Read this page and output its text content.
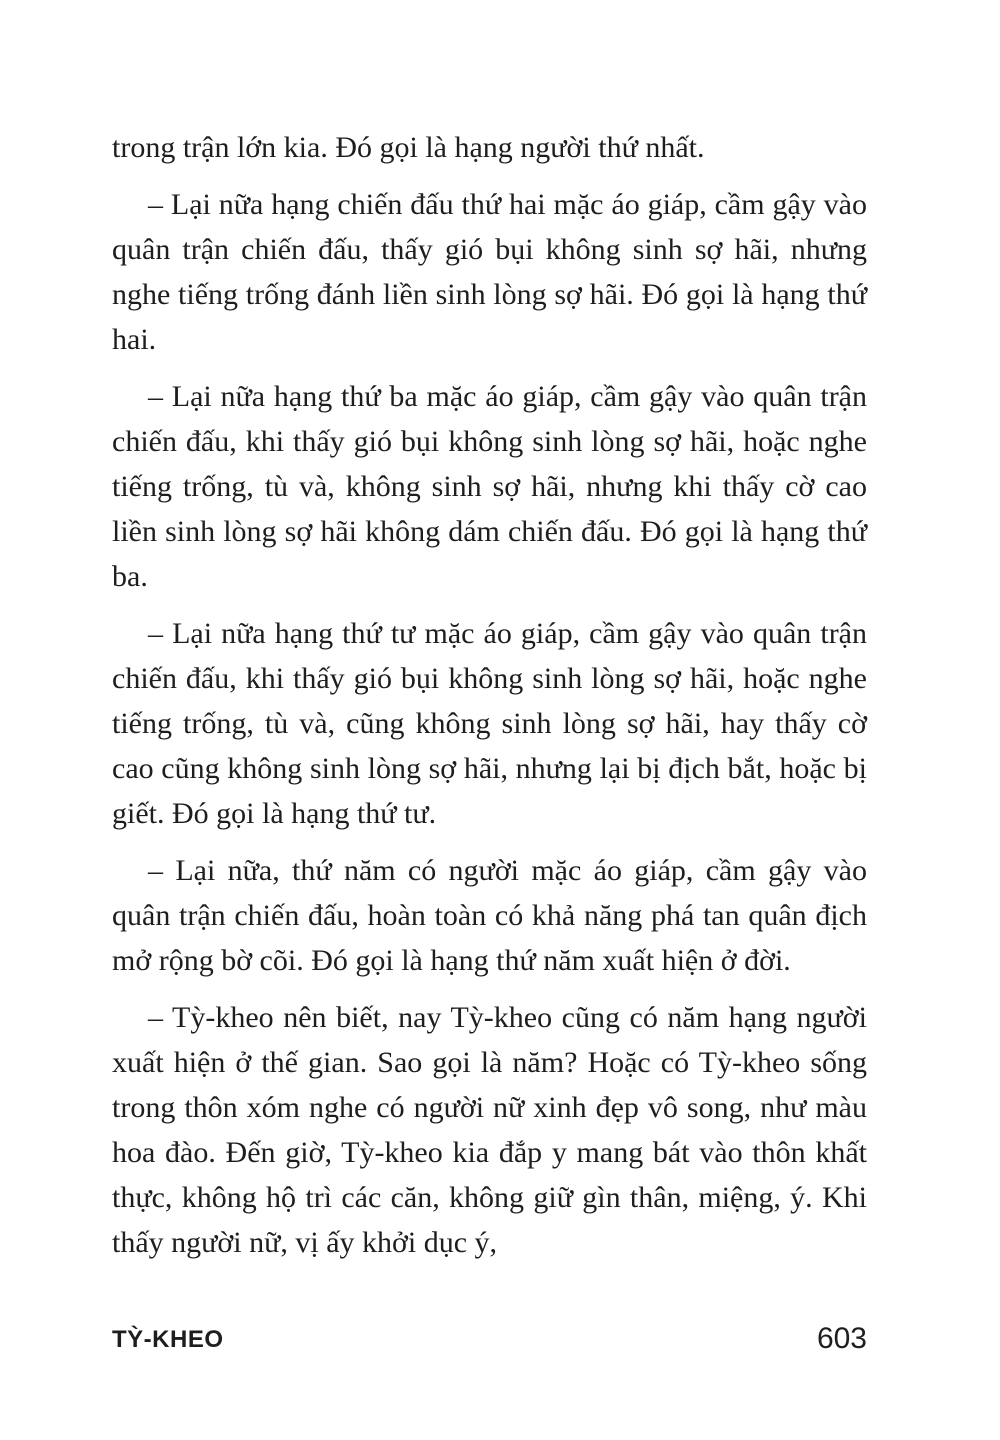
trong trận lớn kia. Đó gọi là hạng người thứ nhất.

– Lại nữa hạng chiến đấu thứ hai mặc áo giáp, cầm gậy vào quân trận chiến đấu, thấy gió bụi không sinh sợ hãi, nhưng nghe tiếng trống đánh liền sinh lòng sợ hãi. Đó gọi là hạng thứ hai.

– Lại nữa hạng thứ ba mặc áo giáp, cầm gậy vào quân trận chiến đấu, khi thấy gió bụi không sinh lòng sợ hãi, hoặc nghe tiếng trống, tù và, không sinh sợ hãi, nhưng khi thấy cờ cao liền sinh lòng sợ hãi không dám chiến đấu. Đó gọi là hạng thứ ba.

– Lại nữa hạng thứ tư mặc áo giáp, cầm gậy vào quân trận chiến đấu, khi thấy gió bụi không sinh lòng sợ hãi, hoặc nghe tiếng trống, tù và, cũng không sinh lòng sợ hãi, hay thấy cờ cao cũng không sinh lòng sợ hãi, nhưng lại bị địch bắt, hoặc bị giết. Đó gọi là hạng thứ tư.

– Lại nữa, thứ năm có người mặc áo giáp, cầm gậy vào quân trận chiến đấu, hoàn toàn có khả năng phá tan quân địch mở rộng bờ cõi. Đó gọi là hạng thứ năm xuất hiện ở đời.

– Tỳ-kheo nên biết, nay Tỳ-kheo cũng có năm hạng người xuất hiện ở thế gian. Sao gọi là năm? Hoặc có Tỳ-kheo sống trong thôn xóm nghe có người nữ xinh đẹp vô song, như màu hoa đào. Đến giờ, Tỳ-kheo kia đắp y mang bát vào thôn khất thực, không hộ trì các căn, không giữ gìn thân, miệng, ý. Khi thấy người nữ, vị ấy khởi dục ý,

TỲ-KHEO	603
